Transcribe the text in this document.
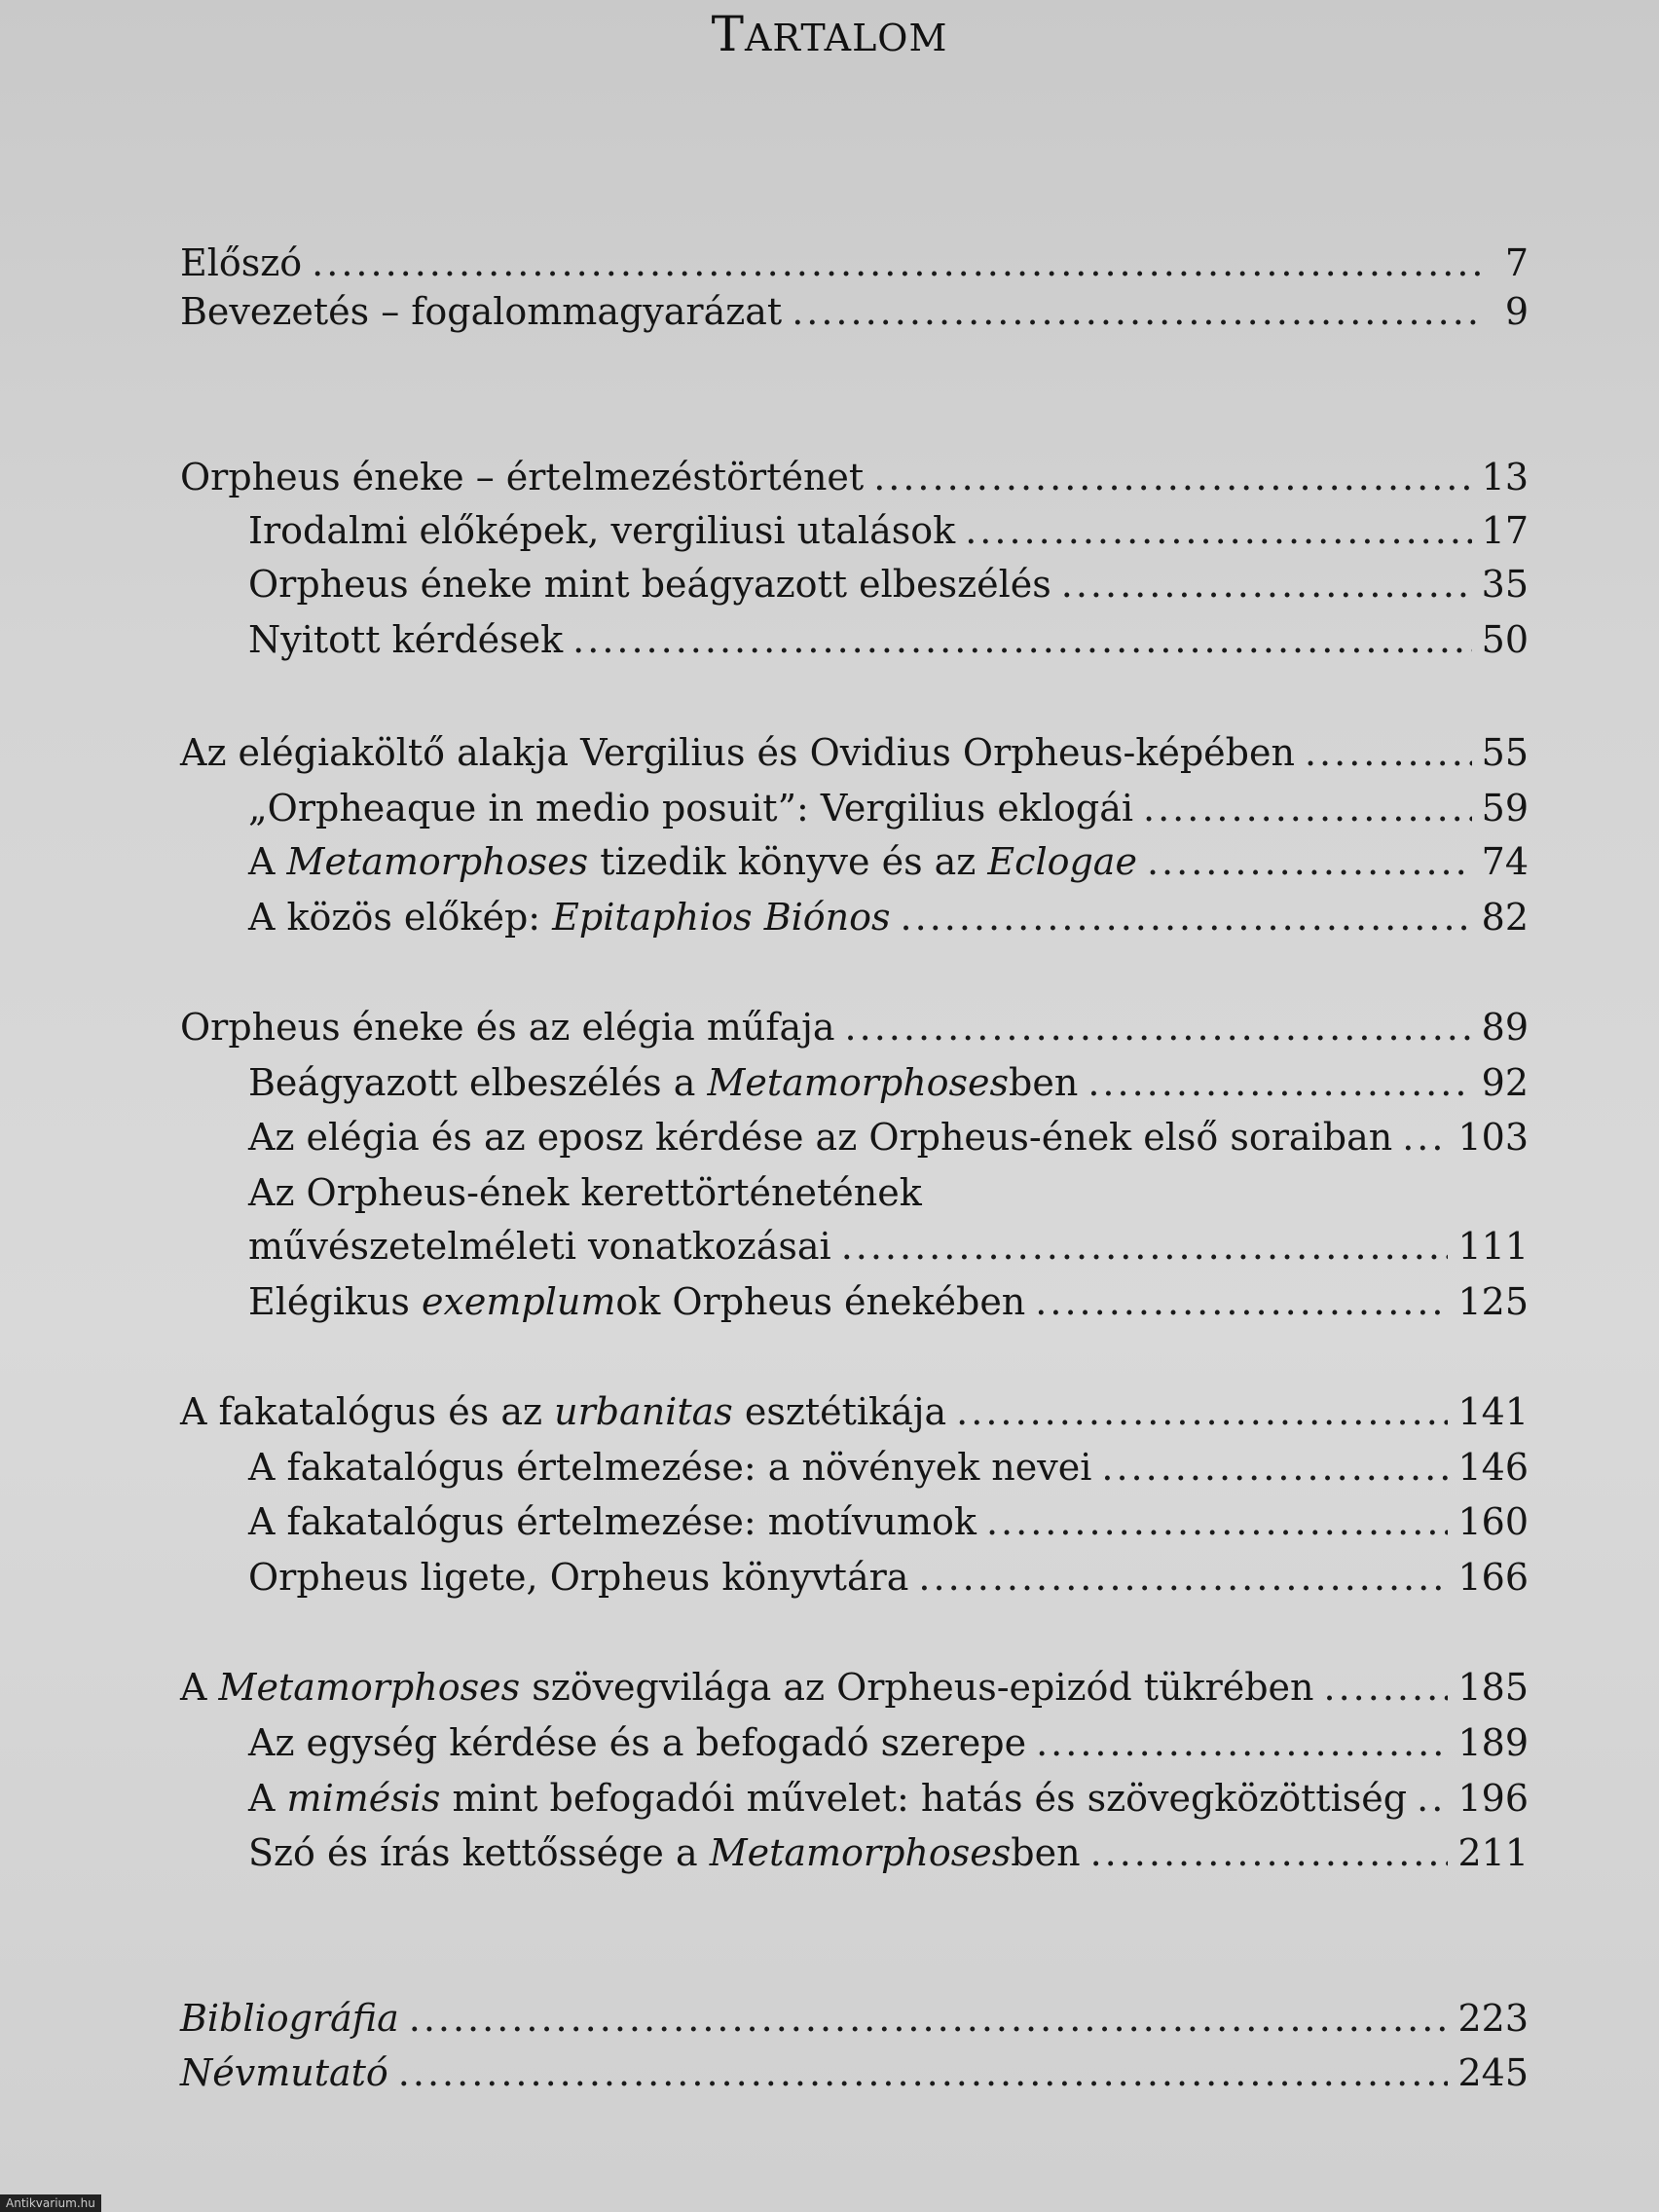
TARTALOM
Előszó .....	7
Bevezetés – fogalommagyarázat .....	9
Orpheus éneke – értelmezéstörténet .....	13
Irodalmi előképek, vergiliusi utalások .....	17
Orpheus éneke mint beágyazott elbeszélés .....	35
Nyitott kérdések .....	50
Az elégiaköltő alakja Vergilius és Ovidius Orpheus-képében .....	55
„Orpheaque in medio posuit”: Vergilius eklogái .....	59
A Metamorphoses tizedik könyve és az Eclogae .....	74
A közös előkép: Epitaphios Biónos .....	82
Orpheus éneke és az elégia műfaja .....	89
Beágyazott elbeszélés a Metamorphosesben .....	92
Az elégia és az eposz kérdése az Orpheus-ének első soraiban ..... 103
Az Orpheus-ének kerettörténetének
művészetelméleti vonatkozásai .....	111
Elégikus exemplumok Orpheus énekében .....	125
A fakatalógus és az urbanitas esztétikája .....	141
A fakatalógus értelmezése: a növények nevei .....	146
A fakatalógus értelmezése: motívumok .....	160
Orpheus ligete, Orpheus könyvtára .....	166
A Metamorphoses szövegvilága az Orpheus-epizód tükrében .....	185
Az egység kérdése és a befogadó szerepe .....	189
A mimésis mint befogadói művelet: hatás és szövegközöttiség ..... 196
Szó és írás kettőssége a Metamorphosesben .....	211
Bibliográfia .....	223
Névmutató .....	245
Antikvarium.hu
